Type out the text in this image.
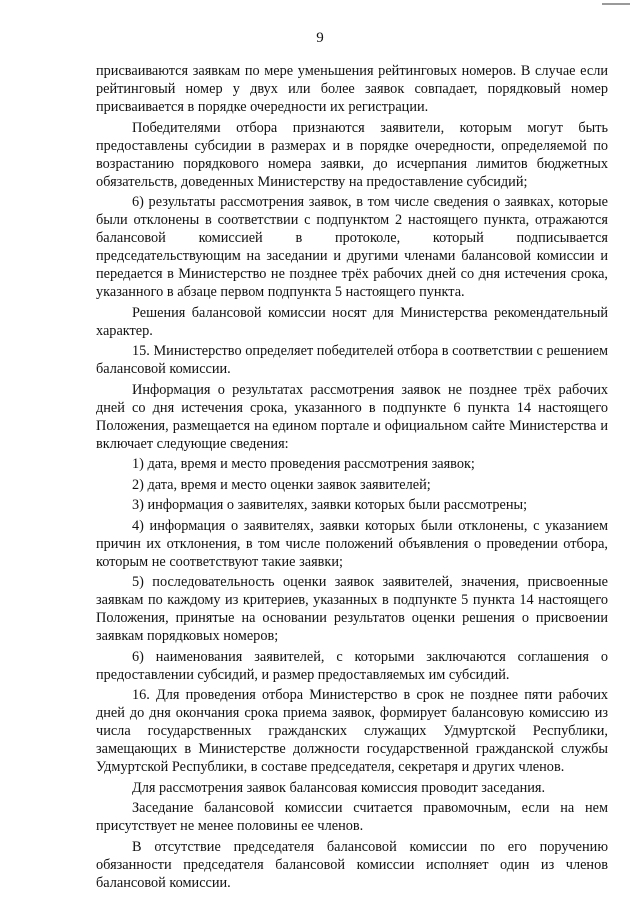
9

присваиваются заявкам по мере уменьшения рейтинговых номеров. В случае если рейтинговый номер у двух или более заявок совпадает, порядковый номер присваивается в порядке очередности их регистрации.

Победителями отбора признаются заявители, которым могут быть предоставлены субсидии в размерах и в порядке очередности, определяемой по возрастанию порядкового номера заявки, до исчерпания лимитов бюджетных обязательств, доведенных Министерству на предоставление субсидий;

6) результаты рассмотрения заявок, в том числе сведения о заявках, которые были отклонены в соответствии с подпунктом 2 настоящего пункта, отражаются балансовой комиссией в протоколе, который подписывается председательствующим на заседании и другими членами балансовой комиссии и передается в Министерство не позднее трёх рабочих дней со дня истечения срока, указанного в абзаце первом подпункта 5 настоящего пункта.

Решения балансовой комиссии носят для Министерства рекомендательный характер.

15. Министерство определяет победителей отбора в соответствии с решением балансовой комиссии.

Информация о результатах рассмотрения заявок не позднее трёх рабочих дней со дня истечения срока, указанного в подпункте 6 пункта 14 настоящего Положения, размещается на едином портале и официальном сайте Министерства и включает следующие сведения:

1) дата, время и место проведения рассмотрения заявок;

2) дата, время и место оценки заявок заявителей;

3) информация о заявителях, заявки которых были рассмотрены;

4) информация о заявителях, заявки которых были отклонены, с указанием причин их отклонения, в том числе положений объявления о проведении отбора, которым не соответствуют такие заявки;

5) последовательность оценки заявок заявителей, значения, присвоенные заявкам по каждому из критериев, указанных в подпункте 5 пункта 14 настоящего Положения, принятые на основании результатов оценки решения о присвоении заявкам порядковых номеров;

6) наименования заявителей, с которыми заключаются соглашения о предоставлении субсидий, и размер предоставляемых им субсидий.

16. Для проведения отбора Министерство в срок не позднее пяти рабочих дней до дня окончания срока приема заявок, формирует балансовую комиссию из числа государственных гражданских служащих Удмуртской Республики, замещающих в Министерстве должности государственной гражданской службы Удмуртской Республики, в составе председателя, секретаря и других членов.

Для рассмотрения заявок балансовая комиссия проводит заседания.

Заседание балансовой комиссии считается правомочным, если на нем присутствует не менее половины ее членов.

В отсутствие председателя балансовой комиссии по его поручению обязанности председателя балансовой комиссии исполняет один из членов балансовой комиссии.
